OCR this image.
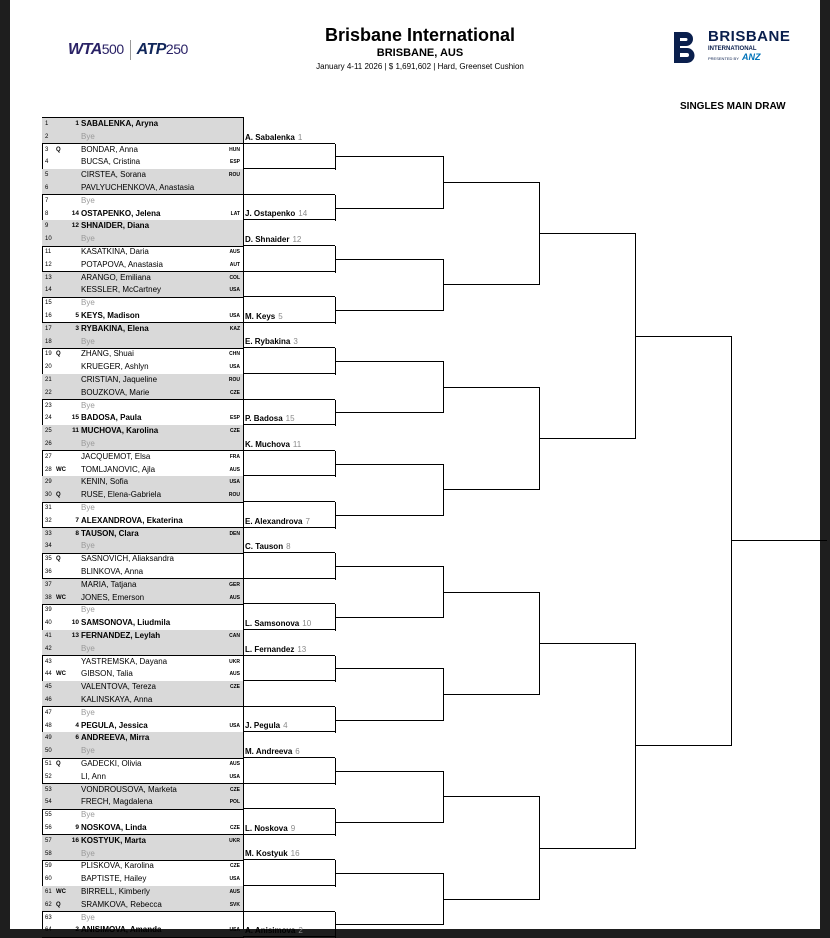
WTA500 ATP250
Brisbane International
BRISBANE, AUS
January 4-11 2026 | $ 1,691,602 | Hard, Greenset Cushion
BRISBANE
INTERNATIONAL
PRESENTED BY ANZ
SINGLES MAIN DRAW
1	1 SABALENKA, Aryna
2	Bye
3	Q	BONDAR, Anna	HUN
4	BUCSA, Cristina	ESP
5	CIRSTEA, Sorana	ROU
6	PAVLYUCHENKOVA, Anastasia
7	Bye
8	14 OSTAPENKO, Jelena	LAT
9	12 SHNAIDER, Diana
10	Bye
11	KASATKINA, Daria	AUS
12	POTAPOVA, Anastasia	AUT
13	ARANGO, Emiliana	COL
14	KESSLER, McCartney	USA
15	Bye
16	5 KEYS, Madison	USA
17	3 RYBAKINA, Elena	KAZ
18	Bye
19 Q	ZHANG, Shuai	CHN
20	KRUEGER, Ashlyn	USA
21	CRISTIAN, Jaqueline	ROU
22	BOUZKOVA, Marie	CZE
23	Bye
24	15 BADOSA, Paula	ESP
25	11 MUCHOVA, Karolina	CZE
26	Bye
27	JACQUEMOT, Elsa	FRA
28 WC	TOMLJANOVIC, Ajla	AUS
29	KENIN, Sofia	USA
30 Q	RUSE, Elena-Gabriela	ROU
31	Bye
32	7 ALEXANDROVA, Ekaterina
33	8 TAUSON, Clara	DEN
34	Bye
35 Q	SASNOVICH, Aliaksandra
36	BLINKOVA, Anna
37	MARIA, Tatjana	GER
38 WC	JONES, Emerson	AUS
39	Bye
40	10 SAMSONOVA, Liudmila
41	13 FERNANDEZ, Leylah	CAN
42	Bye
43	YASTREMSKA, Dayana	UKR
44 WC	GIBSON, Talia	AUS
45	VALENTOVA, Tereza	CZE
46	KALINSKAYA, Anna
47	Bye
48	4 PEGULA, Jessica	USA
49	6 ANDREEVA, Mirra
50	Bye
51 Q	GADECKI, Olivia	AUS
52	LI, Ann	USA
53	VONDROUSOVA, Marketa	CZE
54	FRECH, Magdalena	POL
55	Bye
56	9 NOSKOVA, Linda	CZE
57	16 KOSTYUK, Marta	UKR
58	Bye
59	PLISKOVA, Karolina	CZE
60	BAPTISTE, Hailey	USA
61 WC	BIRRELL, Kimberly	AUS
62 Q	SRAMKOVA, Rebecca	SVK
63	Bye
64	2 ANISIMOVA, Amanda	USA
A. Sabalenka 1
J. Ostapenko 14
D. Shnaider 12
M. Keys 5
E. Rybakina 3
P. Badosa 15
K. Muchova 11
E. Alexandrova 7
C. Tauson 8
L. Samsonova 10
L. Fernandez 13
J. Pegula 4
M. Andreeva 6
L. Noskova 9
M. Kostyuk 16
A. Anisimova 2
